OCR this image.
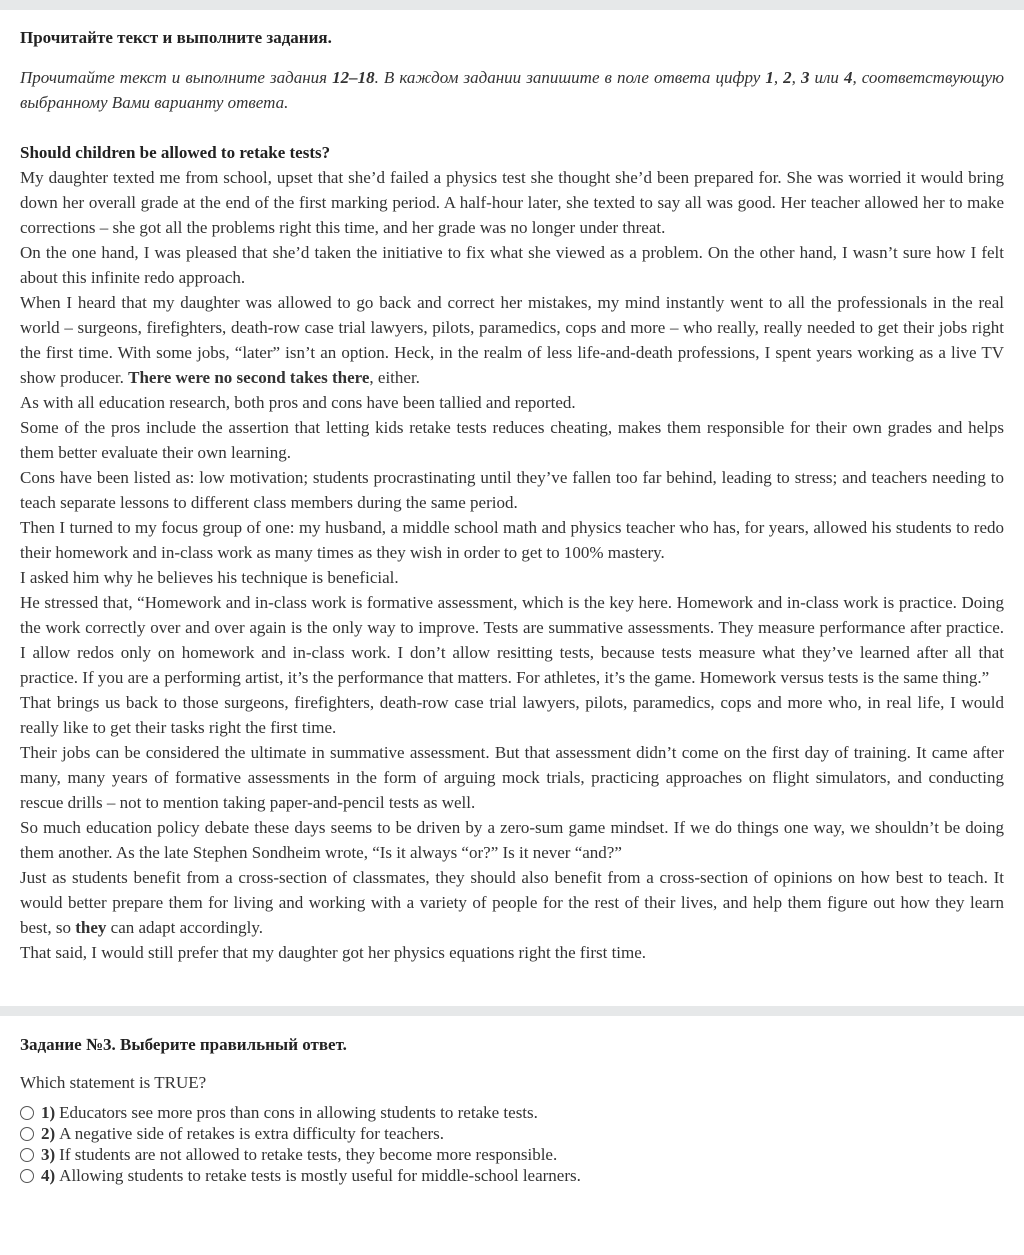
Прочитайте текст и выполните задания.

Прочитайте текст и выполните задания 12–18. В каждом задании запишите в поле ответа цифру 1, 2, 3 или 4, соответствующую выбранному Вами варианту ответа.

Should children be allowed to retake tests?

My daughter texted me from school, upset that she’d failed a physics test she thought she’d been prepared for. She was worried it would bring down her overall grade at the end of the first marking period. A half-hour later, she texted to say all was good. Her teacher allowed her to make corrections – she got all the problems right this time, and her grade was no longer under threat.

On the one hand, I was pleased that she’d taken the initiative to fix what she viewed as a problem. On the other hand, I wasn’t sure how I felt about this infinite redo approach.

When I heard that my daughter was allowed to go back and correct her mistakes, my mind instantly went to all the professionals in the real world – surgeons, firefighters, death-row case trial lawyers, pilots, paramedics, cops and more – who really, really needed to get their jobs right the first time. With some jobs, “later” isn’t an option. Heck, in the realm of less life-and-death professions, I spent years working as a live TV show producer. There were no second takes there, either.

As with all education research, both pros and cons have been tallied and reported.

Some of the pros include the assertion that letting kids retake tests reduces cheating, makes them responsible for their own grades and helps them better evaluate their own learning.

Cons have been listed as: low motivation; students procrastinating until they’ve fallen too far behind, leading to stress; and teachers needing to teach separate lessons to different class members during the same period.

Then I turned to my focus group of one: my husband, a middle school math and physics teacher who has, for years, allowed his students to redo their homework and in-class work as many times as they wish in order to get to 100% mastery.

I asked him why he believes his technique is beneficial.

He stressed that, “Homework and in-class work is formative assessment, which is the key here. Homework and in-class work is practice. Doing the work correctly over and over again is the only way to improve. Tests are summative assessments. They measure performance after practice. I allow redos only on homework and in-class work. I don’t allow resitting tests, because tests measure what they’ve learned after all that practice. If you are a performing artist, it’s the performance that matters. For athletes, it’s the game. Homework versus tests is the same thing.”

That brings us back to those surgeons, firefighters, death-row case trial lawyers, pilots, paramedics, cops and more who, in real life, I would really like to get their tasks right the first time.

Their jobs can be considered the ultimate in summative assessment. But that assessment didn’t come on the first day of training. It came after many, many years of formative assessments in the form of arguing mock trials, practicing approaches on flight simulators, and conducting rescue drills – not to mention taking paper-and-pencil tests as well.

So much education policy debate these days seems to be driven by a zero-sum game mindset. If we do things one way, we shouldn’t be doing them another. As the late Stephen Sondheim wrote, “Is it always “or?” Is it never “and?”

Just as students benefit from a cross-section of classmates, they should also benefit from a cross-section of opinions on how best to teach. It would better prepare them for living and working with a variety of people for the rest of their lives, and help them figure out how they learn best, so they can adapt accordingly.

That said, I would still prefer that my daughter got her physics equations right the first time.

Задание №3. Выберите правильный ответ.

Which statement is TRUE?

1) Educators see more pros than cons in allowing students to retake tests.
2) A negative side of retakes is extra difficulty for teachers.
3) If students are not allowed to retake tests, they become more responsible.
4) Allowing students to retake tests is mostly useful for middle-school learners.
